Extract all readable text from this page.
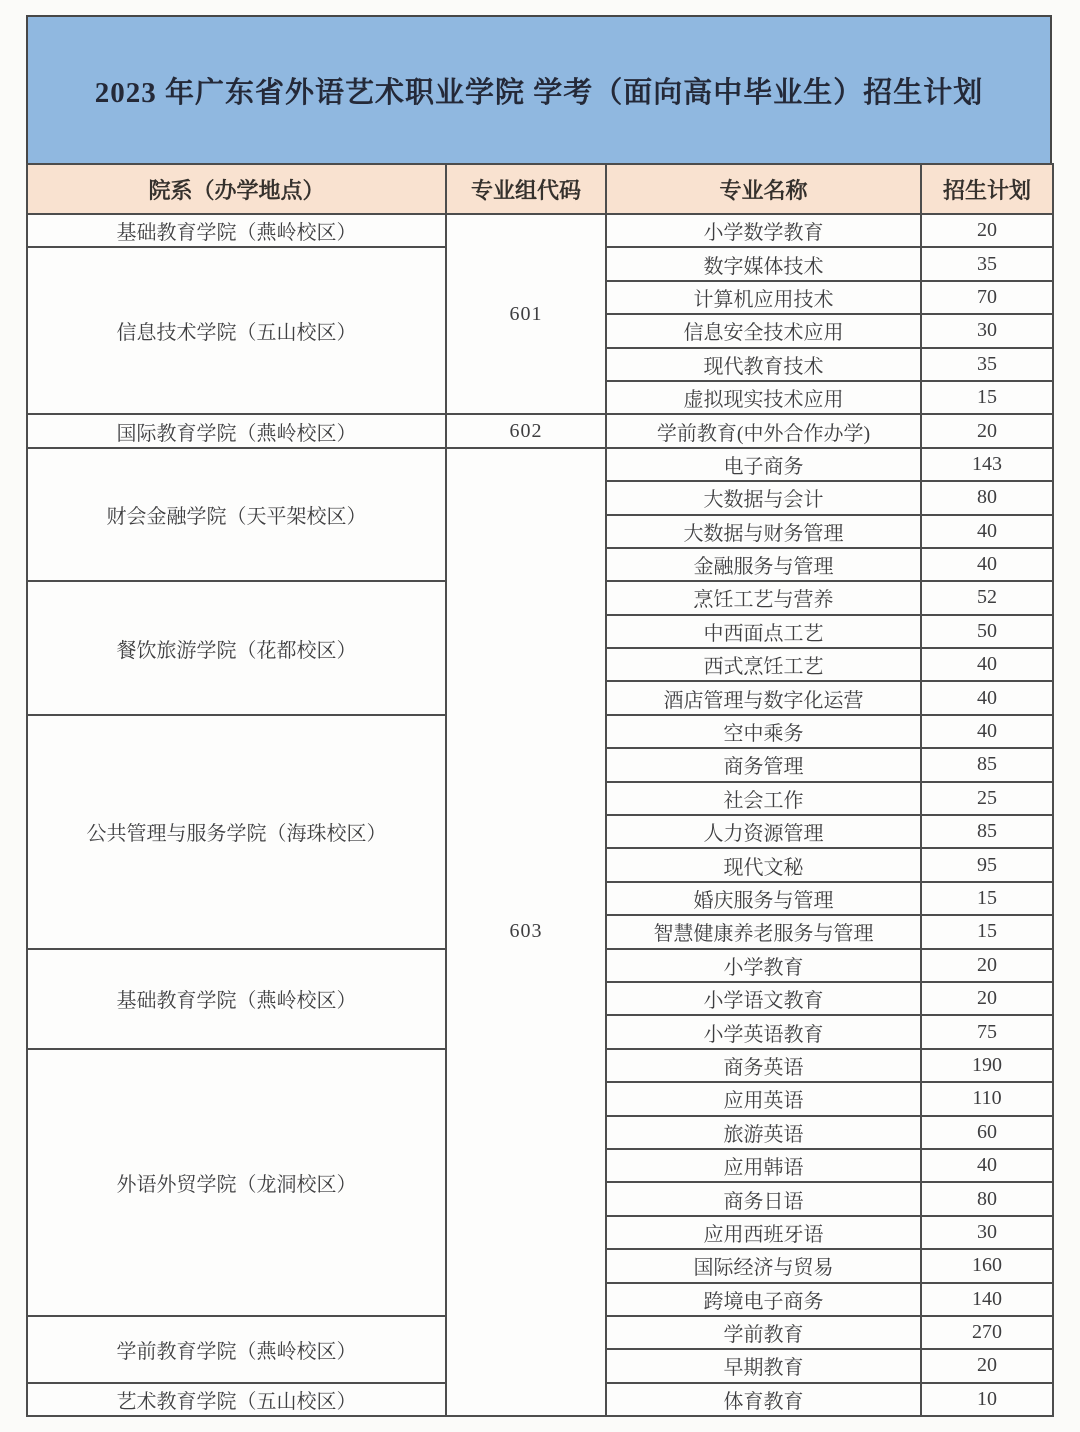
2023 年广东省外语艺术职业学院 学考（面向高中毕业生）招生计划
院系（办学地点）	专业组代码	专业名称	招生计划
基础教育学院（燕岭校区）	601	小学数学教育	20
信息技术学院（五山校区）		数字媒体技术	35
		计算机应用技术	70
		信息安全技术应用	30
		现代教育技术	35
		虚拟现实技术应用	15
国际教育学院（燕岭校区）	602	学前教育(中外合作办学)	20
财会金融学院（天平架校区）	603	电子商务	143
		大数据与会计	80
		大数据与财务管理	40
		金融服务与管理	40
餐饮旅游学院（花都校区）		烹饪工艺与营养	52
		中西面点工艺	50
		西式烹饪工艺	40
		酒店管理与数字化运营	40
公共管理与服务学院（海珠校区）		空中乘务	40
		商务管理	85
		社会工作	25
		人力资源管理	85
		现代文秘	95
		婚庆服务与管理	15
		智慧健康养老服务与管理	15
基础教育学院（燕岭校区）		小学教育	20
		小学语文教育	20
		小学英语教育	75
外语外贸学院（龙洞校区）		商务英语	190
		应用英语	110
		旅游英语	60
		应用韩语	40
		商务日语	80
		应用西班牙语	30
		国际经济与贸易	160
		跨境电子商务	140
学前教育学院（燕岭校区）		学前教育	270
		早期教育	20
艺术教育学院（五山校区）		体育教育	10
